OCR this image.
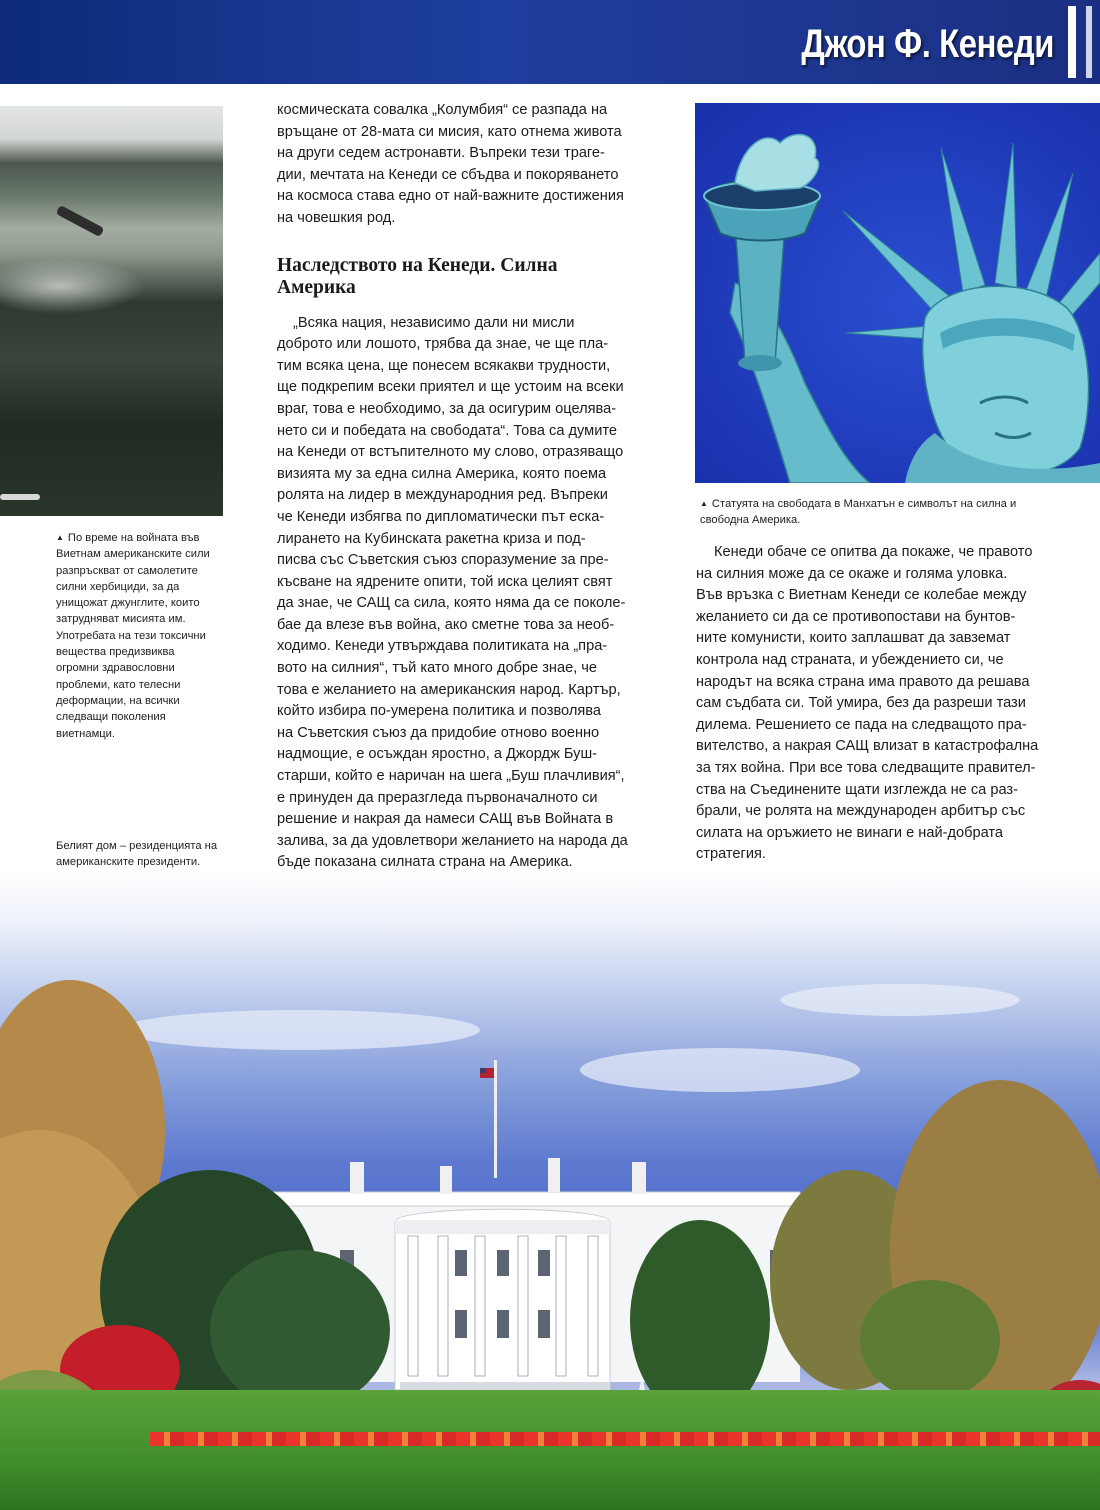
Джон Ф. Кенеди
▲ По време на войната във
Виетнам американските сили
разпръскват от самолетите
силни хербициди, за да
унищожат джунглите, които
затрудняват мисията им.
Употребата на тези токсични
вещества предизвиква
огромни здравословни
проблеми, като телесни
деформации, на всички
следващи поколения
виетнамци.
Белият дом – резиденцията на
американските президенти.

космическата совалка „Колумбия“ се разпада на

връщане от 28-мата си мисия, като отнема живота

на други седем астронавти. Въпреки тези траге-

дии, мечтата на Кенеди се сбъдва и покоряването

на космоса става едно от най-важните достижения

на човешкия род.

Наследството на Кенеди. Силна
Америка

„Всяка нация, независимо дали ни мисли

доброто или лошото, трябва да знае, че ще пла-

тим всяка цена, ще понесем всякакви трудности,

ще подкрепим всеки приятел и ще устоим на всеки

враг, това е необходимо, за да осигурим оцелява-

нето си и победата на свободата“. Това са думите

на Кенеди от встъпителното му слово, отразяващо

визията му за една силна Америка, която поема

ролята на лидер в международния ред. Въпреки

че Кенеди избягва по дипломатически път еска-

лирането на Кубинската ракетна криза и под-

писва със Съветския съюз споразумение за пре-

късване на ядрените опити, той иска целият свят

да знае, че САЩ са сила, която няма да се поколе-

бае да влезе във война, ако сметне това за необ-

ходимо. Кенеди утвърждава политиката на „пра-

вото на силния“, тъй като много добре знае, че

това е желанието на американския народ. Картър,

който избира по-умерена политика и позволява

на Съветския съюз да придобие отново военно

надмощие, е осъждан яростно, а Джордж Буш-

старши, който е наричан на шега „Буш плачливия“,

е принуден да преразгледа първоначалното си

решение и накрая да намеси САЩ във Войната в

залива, за да удовлетвори желанието на народа да

бъде показана силната страна на Америка.

▲ Статуята на свободата в Манхатън е символът на силна и
свободна Америка.

Кенеди обаче се опитва да покаже, че правото

на силния може да се окаже и голяма уловка.

Във връзка с Виетнам Кенеди се колебае между

желанието си да се противопостави на бунтов-

ните комунисти, които заплашват да завземат

контрола над страната, и убеждението си, че

народът на всяка страна има правото да решава

сам съдбата си. Той умира, без да разреши тази

дилема. Решението се пада на следващото пра-

вителство, а накрая САЩ влизат в катастрофална

за тях война. При все това следващите правител-

ства на Съединените щати изглежда не са раз-

брали, че ролята на международен арбитър със

силата на оръжието не винаги е най-добрата

стратегия.
